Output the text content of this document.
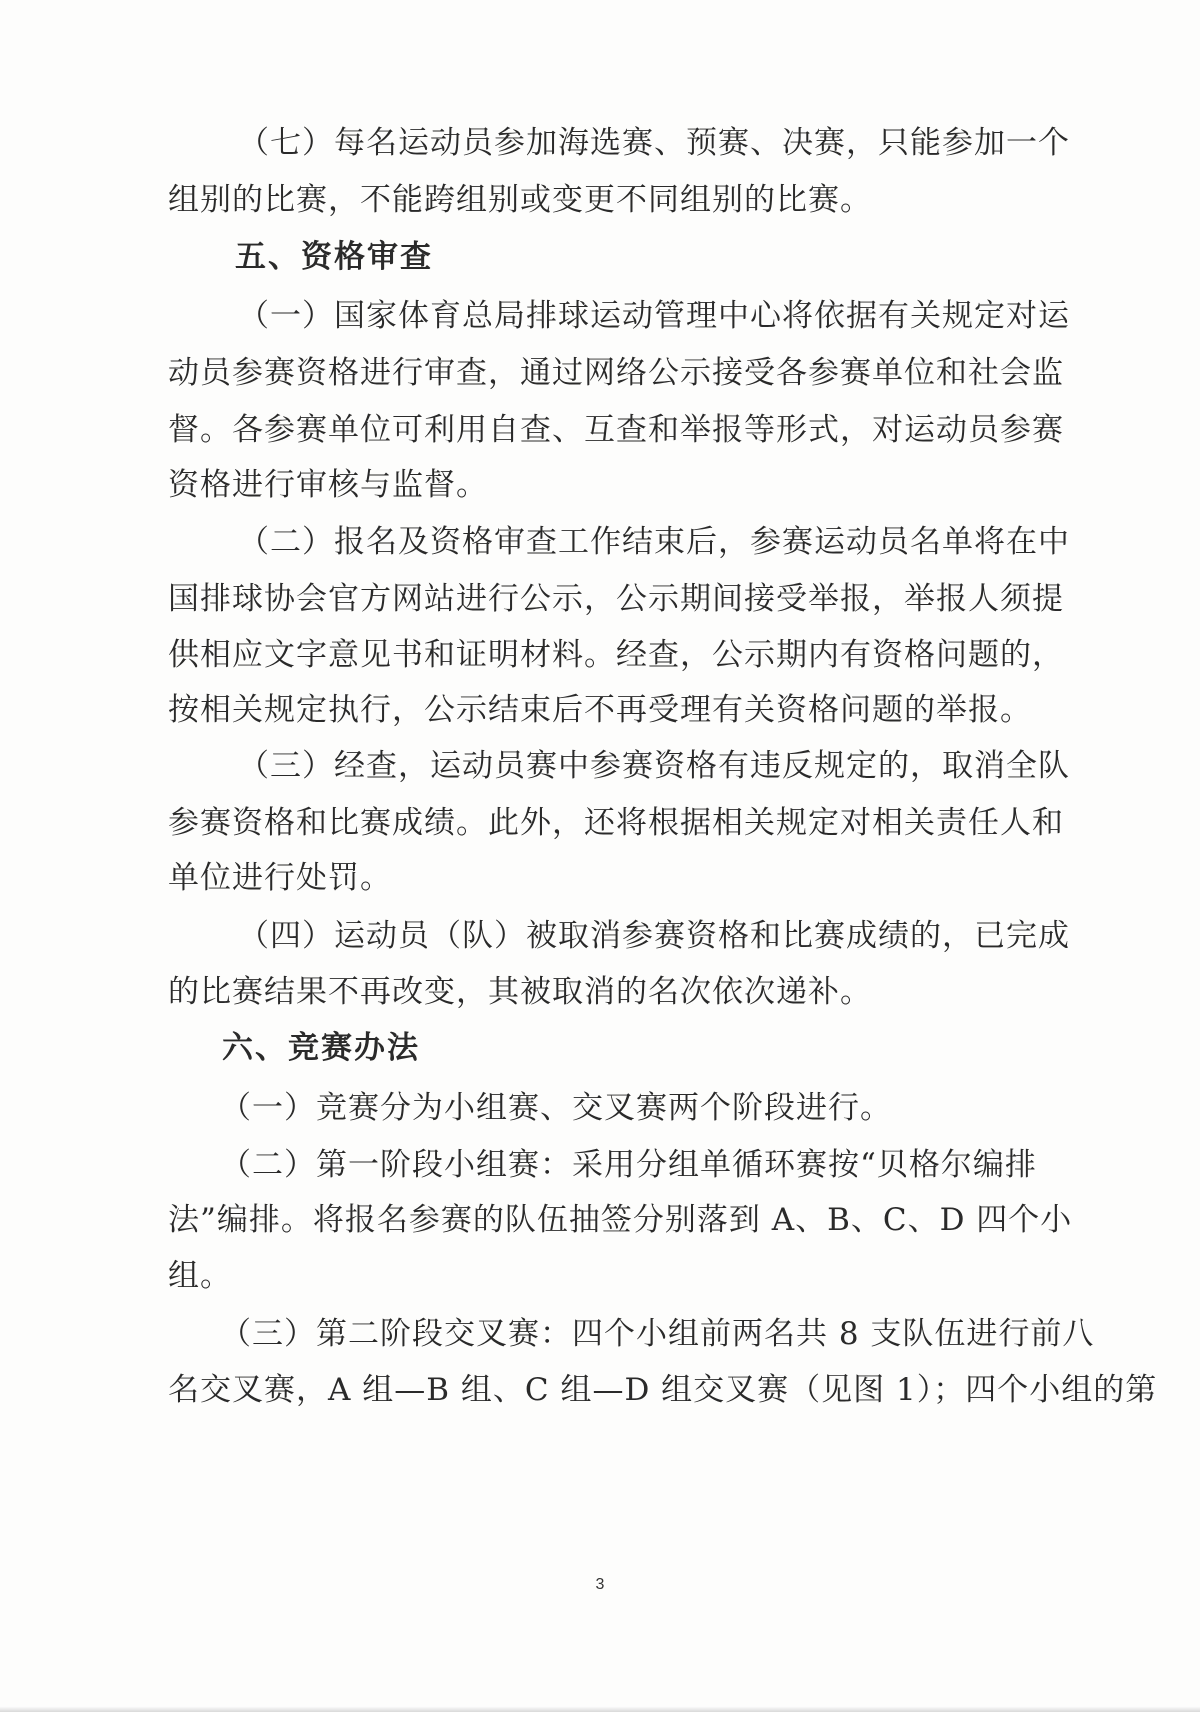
（七）每名运动员参加海选赛、预赛、决赛，只能参加一个
组别的比赛，不能跨组别或变更不同组别的比赛。
五、资格审查
（一）国家体育总局排球运动管理中心将依据有关规定对运
动员参赛资格进行审查，通过网络公示接受各参赛单位和社会监
督。各参赛单位可利用自查、互查和举报等形式，对运动员参赛
资格进行审核与监督。
（二）报名及资格审查工作结束后，参赛运动员名单将在中
国排球协会官方网站进行公示，公示期间接受举报，举报人须提
供相应文字意见书和证明材料。经查，公示期内有资格问题的，
按相关规定执行，公示结束后不再受理有关资格问题的举报。
（三）经查，运动员赛中参赛资格有违反规定的，取消全队
参赛资格和比赛成绩。此外，还将根据相关规定对相关责任人和
单位进行处罚。
（四）运动员（队）被取消参赛资格和比赛成绩的，已完成
的比赛结果不再改变，其被取消的名次依次递补。
六、竞赛办法
（一）竞赛分为小组赛、交叉赛两个阶段进行。
（二）第一阶段小组赛：采用分组单循环赛按“贝格尔编排
法”编排。将报名参赛的队伍抽签分别落到 A、B、C、D 四个小
组。
（三）第二阶段交叉赛：四个小组前两名共 8 支队伍进行前八
名交叉赛，A 组—B 组、C 组—D 组交叉赛（见图 1）；四个小组的第
3
